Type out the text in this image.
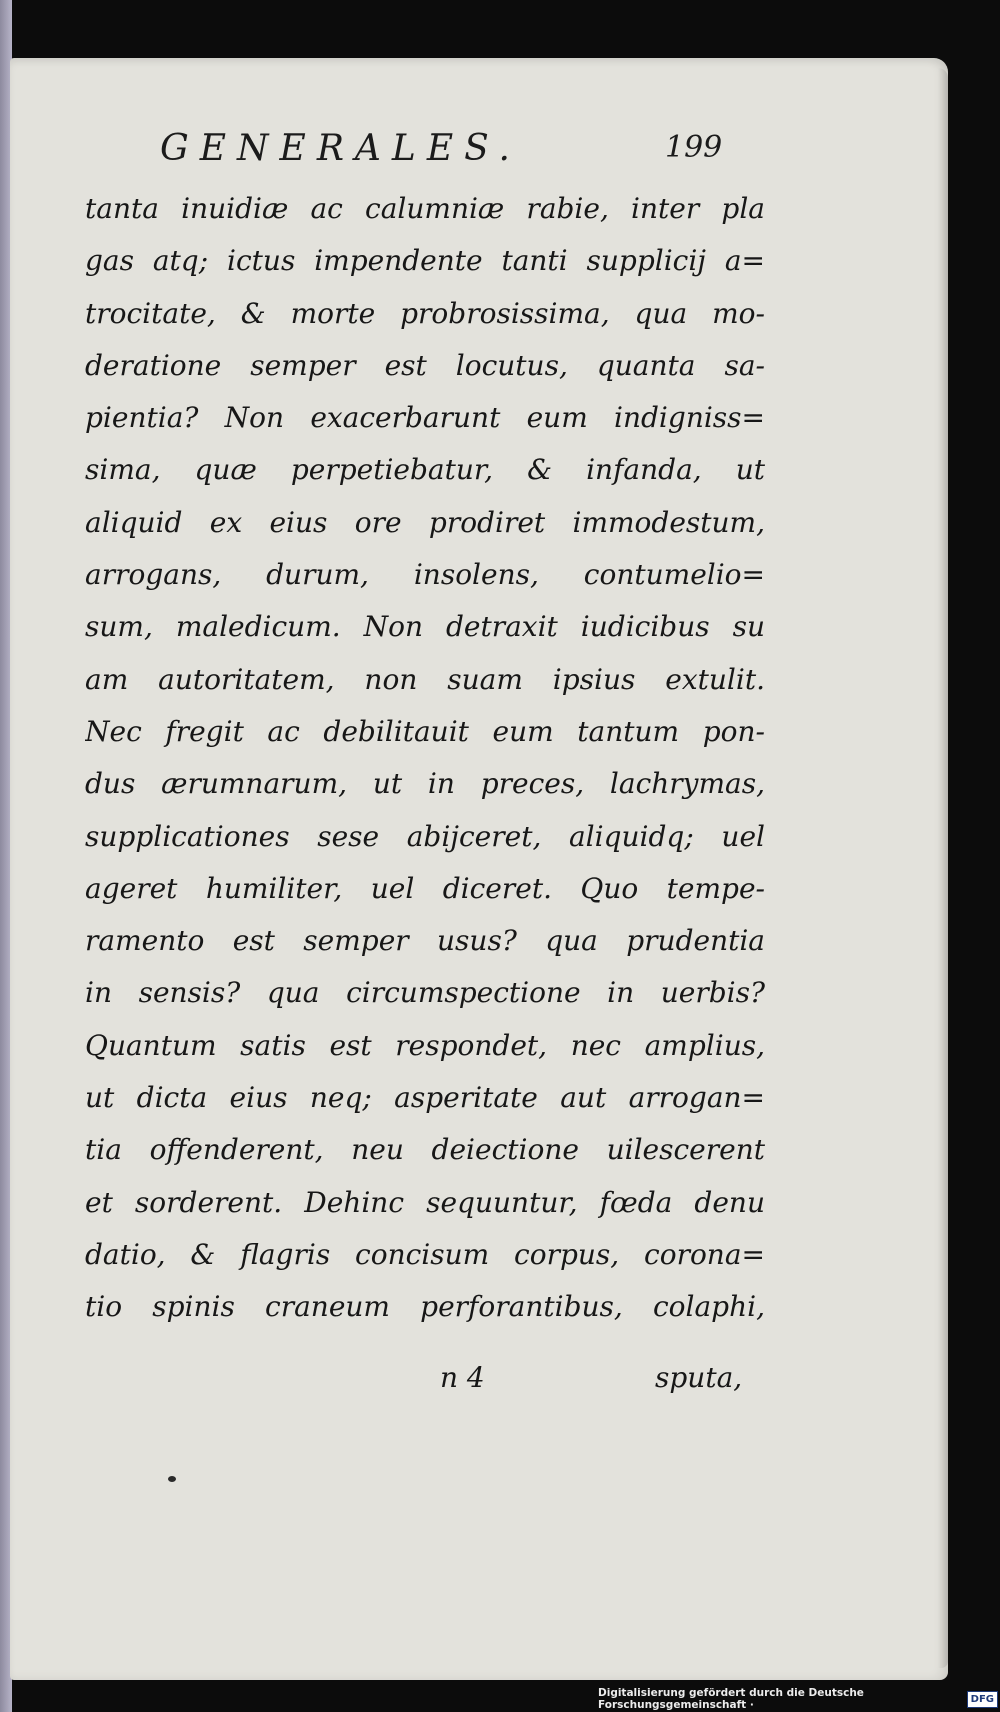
GENERALES.	199
tanta inuidiæ ac calumniæ rabie, inter pla
gas atq; ictus impendente tanti supplicij a=
trocitate, & morte probrosissima, qua mo-
deratione semper est locutus, quanta sa-
pientia? Non exacerbarunt eum indigniss=
sima, quæ perpetiebatur, & infanda, ut
aliquid ex eius ore prodiret immodestum,
arrogans, durum, insolens, contumelio=
sum, maledicum. Non detraxit iudicibus su
am autoritatem, non suam ipsius extulit.
Nec fregit ac debilitauit eum tantum pon-
dus ærumnarum, ut in preces, lachrymas,
supplicationes sese abijceret, aliquidq; uel
ageret humiliter, uel diceret. Quo tempe-
ramento est semper usus? qua prudentia
in sensis? qua circumspectione in uerbis?
Quantum satis est respondet, nec amplius,
ut dicta eius neq; asperitate aut arrogan=
tia offenderent, neu deiectione uilescerent
et sorderent. Dehinc sequuntur, fœda denu
datio, & flagris concisum corpus, corona=
tio spinis craneum perforantibus, colaphi,
n 4	sputa,
Digitalisierung gefördert durch die Deutsche Forschungsgemeinschaft ·	DFG
